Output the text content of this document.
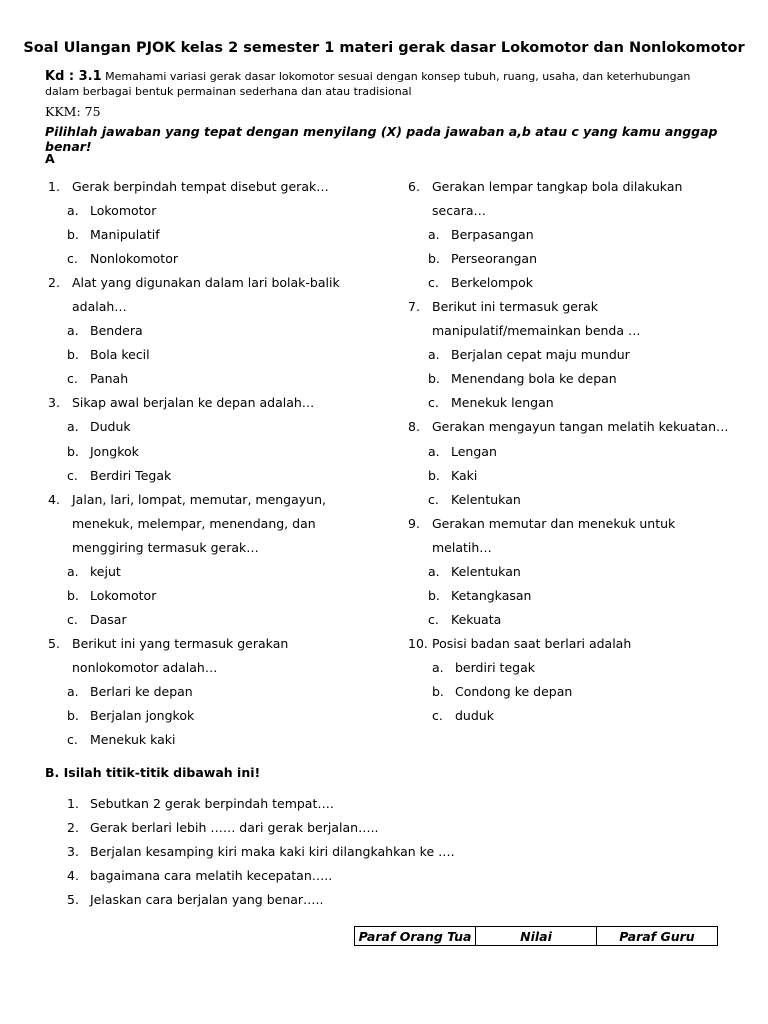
Soal Ulangan PJOK kelas 2 semester 1 materi gerak dasar Lokomotor dan Nonlokomotor
Kd : 3.1 Memahami variasi gerak dasar lokomotor sesuai dengan konsep tubuh, ruang, usaha, dan keterhubungan
dalam berbagai bentuk permainan sederhana dan atau tradisional
KKM: 75
Pilihlah jawaban yang tepat dengan menyilang (X) pada jawaban a,b atau c yang kamu anggap benar!
A
1. Gerak berpindah tempat disebut gerak…
a. Lokomotor
b. Manipulatif
c. Nonlokomotor
2. Alat yang digunakan dalam lari bolak-balik
adalah…
a. Bendera
b. Bola kecil
c. Panah
3. Sikap awal berjalan ke depan adalah…
a. Duduk
b. Jongkok
c. Berdiri Tegak
4. Jalan, lari, lompat, memutar, mengayun,
menekuk, melempar, menendang, dan
menggiring termasuk gerak…
a. kejut
b. Lokomotor
c. Dasar
5. Berikut ini yang termasuk gerakan
nonlokomotor adalah…
a. Berlari ke depan
b. Berjalan jongkok
c. Menekuk kaki
6. Gerakan lempar tangkap bola dilakukan
secara…
a. Berpasangan
b. Perseorangan
c. Berkelompok
7. Berikut ini termasuk gerak
manipulatif/memainkan benda …
a. Berjalan cepat maju mundur
b. Menendang bola ke depan
c. Menekuk lengan
8. Gerakan mengayun tangan melatih kekuatan…
a. Lengan
b. Kaki
c. Kelentukan
9. Gerakan memutar dan menekuk untuk
melatih…
a. Kelentukan
b. Ketangkasan
c. Kekuata
10. Posisi badan saat berlari adalah
a. berdiri tegak
b. Condong ke depan
c. duduk
B. Isilah titik-titik dibawah ini!
1. Sebutkan 2 gerak berpindah tempat….
2. Gerak berlari lebih …… dari gerak berjalan…..
3. Berjalan kesamping kiri maka kaki kiri dilangkahkan ke ….
4. bagaimana cara melatih kecepatan…..
5. Jelaskan cara berjalan yang benar…..
Paraf Orang Tua	Nilai	Paraf Guru
